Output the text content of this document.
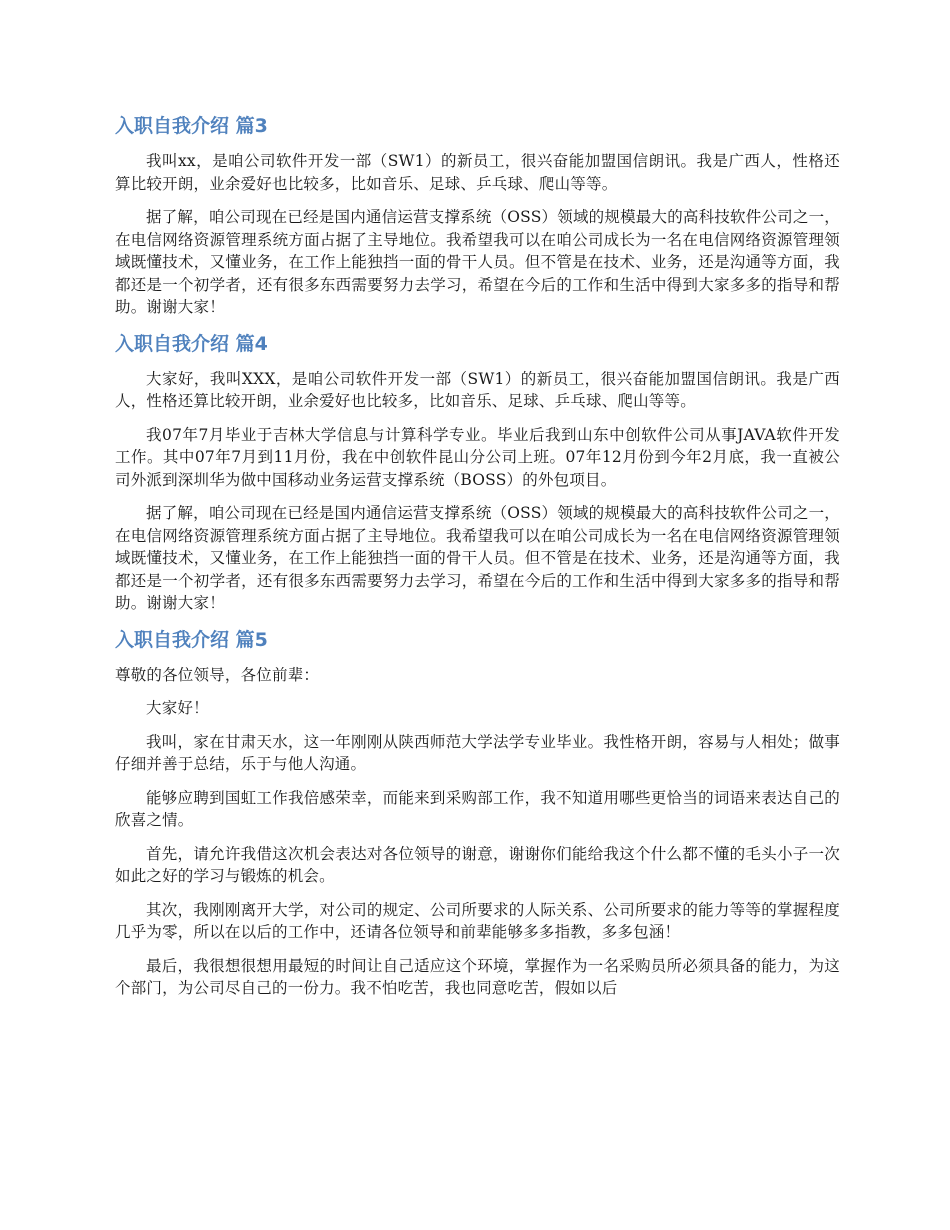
入职自我介绍 篇3

我叫xx，是咱公司软件开发一部（SW1）的新员工，很兴奋能加盟国信朗讯。我是广西人，性格还算比较开朗，业余爱好也比较多，比如音乐、足球、乒乓球、爬山等等。

据了解，咱公司现在已经是国内通信运营支撑系统（OSS）领域的规模最大的高科技软件公司之一，在电信网络资源管理系统方面占据了主导地位。我希望我可以在咱公司成长为一名在电信网络资源管理领域既懂技术，又懂业务，在工作上能独挡一面的骨干人员。但不管是在技术、业务，还是沟通等方面，我都还是一个初学者，还有很多东西需要努力去学习，希望在今后的工作和生活中得到大家多多的指导和帮助。谢谢大家！

入职自我介绍 篇4

大家好，我叫XXX，是咱公司软件开发一部（SW1）的新员工，很兴奋能加盟国信朗讯。我是广西人，性格还算比较开朗，业余爱好也比较多，比如音乐、足球、乒乓球、爬山等等。

我07年7月毕业于吉林大学信息与计算科学专业。毕业后我到山东中创软件公司从事JAVA软件开发工作。其中07年7月到11月份，我在中创软件昆山分公司上班。07年12月份到今年2月底，我一直被公司外派到深圳华为做中国移动业务运营支撑系统（BOSS）的外包项目。

据了解，咱公司现在已经是国内通信运营支撑系统（OSS）领域的规模最大的高科技软件公司之一，在电信网络资源管理系统方面占据了主导地位。我希望我可以在咱公司成长为一名在电信网络资源管理领域既懂技术，又懂业务，在工作上能独挡一面的骨干人员。但不管是在技术、业务，还是沟通等方面，我都还是一个初学者，还有很多东西需要努力去学习，希望在今后的工作和生活中得到大家多多的指导和帮助。谢谢大家！

入职自我介绍 篇5

尊敬的各位领导，各位前辈：

大家好！

我叫，家在甘肃天水，这一年刚刚从陕西师范大学法学专业毕业。我性格开朗，容易与人相处；做事仔细并善于总结，乐于与他人沟通。

能够应聘到国虹工作我倍感荣幸，而能来到采购部工作，我不知道用哪些更恰当的词语来表达自己的欣喜之情。

首先，请允许我借这次机会表达对各位领导的谢意，谢谢你们能给我这个什么都不懂的毛头小子一次如此之好的学习与锻炼的机会。

其次，我刚刚离开大学，对公司的规定、公司所要求的人际关系、公司所要求的能力等等的掌握程度几乎为零，所以在以后的工作中，还请各位领导和前辈能够多多指教，多多包涵！

最后，我很想很想用最短的时间让自己适应这个环境，掌握作为一名采购员所必须具备的能力，为这个部门，为公司尽自己的一份力。我不怕吃苦，我也同意吃苦，假如以后
